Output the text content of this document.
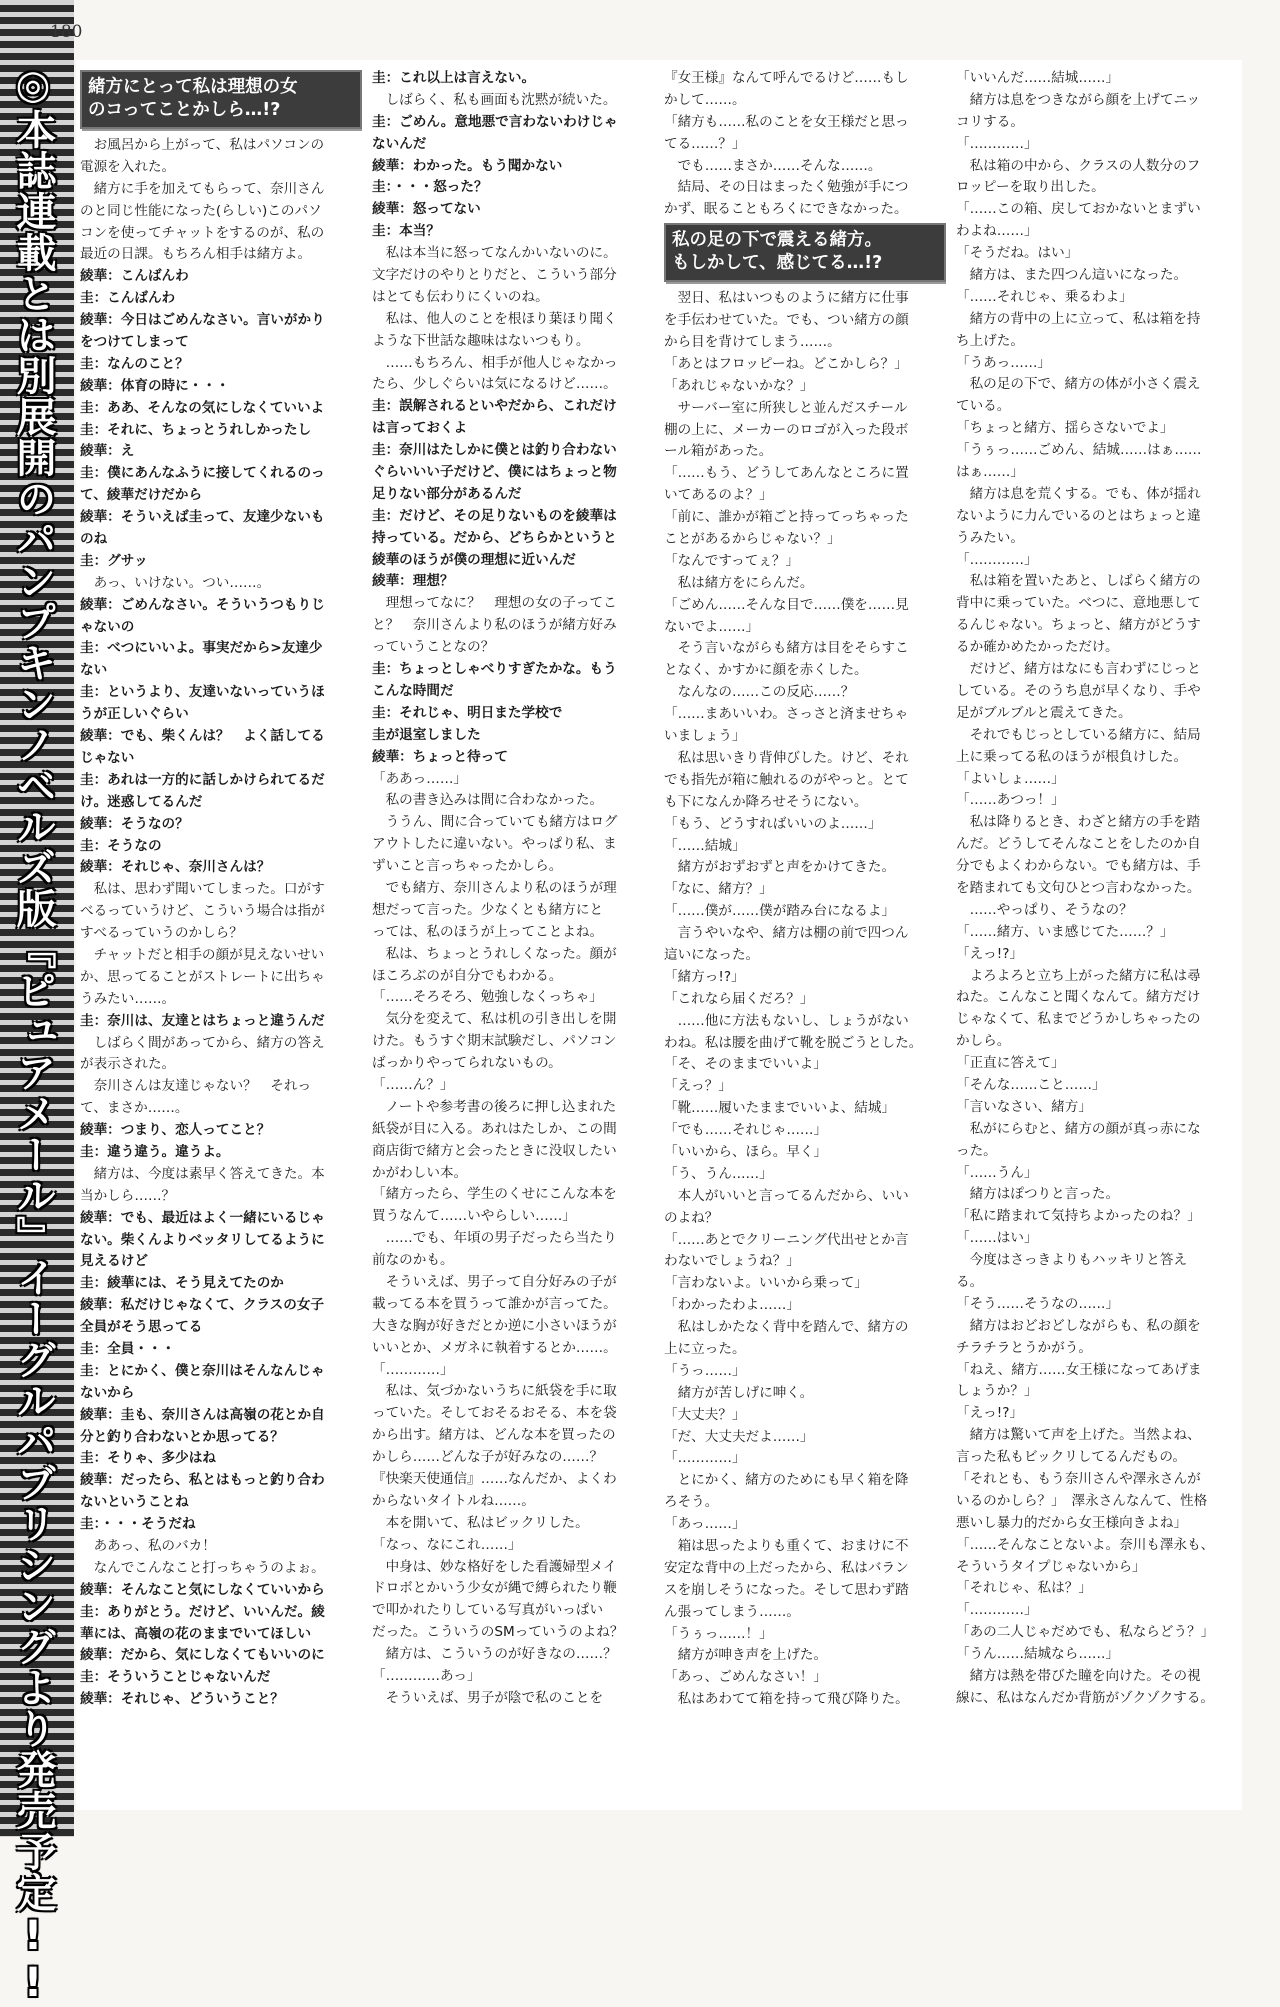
180
◎本誌連載とは別展開のパンプキンノベルズ版『ピュアメール』イーグルパブリシングより発売予定!!	緒方にとって私は理想の女
のコってことかしら…!?
　お風呂から上がって、私はパソコンの
電源を入れた。
　緒方に手を加えてもらって、奈川さん
のと同じ性能になった(らしい)このパソ
コンを使ってチャットをするのが、私の
最近の日課。もちろん相手は緒方よ。
綾華：こんばんわ
圭：こんばんわ
綾華：今日はごめんなさい。言いがかり
をつけてしまって
圭：なんのこと？
綾華：体育の時に・・・
圭：ああ、そんなの気にしなくていいよ
圭：それに、ちょっとうれしかったし
綾華：え
圭：僕にあんなふうに接してくれるのっ
て、綾華だけだから
綾華：そういえば圭って、友達少ないも
のね
圭：グサッ
　あっ、いけない。つい……。
綾華：ごめんなさい。そういうつもりじ
ゃないの
圭：べつにいいよ。事実だから>友達少
ない
圭：というより、友達いないっていうほ
うが正しいぐらい
綾華：でも、柴くんは？　よく話してる
じゃない
圭：あれは一方的に話しかけられてるだ
け。迷惑してるんだ
綾華：そうなの？
圭：そうなの
綾華：それじゃ、奈川さんは？
　私は、思わず聞いてしまった。口がす
べるっていうけど、こういう場合は指が
すべるっていうのかしら？
　チャットだと相手の顔が見えないせい
か、思ってることがストレートに出ちゃ
うみたい……。
圭：奈川は、友達とはちょっと違うんだ
　しばらく間があってから、緒方の答え
が表示された。
　奈川さんは友達じゃない？　それっ
て、まさか……。
綾華：つまり、恋人ってこと？
圭：違う違う。違うよ。
　緒方は、今度は素早く答えてきた。本
当かしら……？
綾華：でも、最近はよく一緒にいるじゃ
ない。柴くんよりベッタリしてるように
見えるけど
圭：綾華には、そう見えてたのか
綾華：私だけじゃなくて、クラスの女子
全員がそう思ってる
圭：全員・・・
圭：とにかく、僕と奈川はそんなんじゃ
ないから
綾華：圭も、奈川さんは高嶺の花とか自
分と釣り合わないとか思ってる？
圭：そりゃ、多少はね
綾華：だったら、私とはもっと釣り合わ
ないということね
圭：・・・そうだね
　ああっ、私のバカ！
　なんでこんなこと打っちゃうのよぉ。
綾華：そんなこと気にしなくていいから
圭：ありがとう。だけど、いいんだ。綾
華には、高嶺の花のままでいてほしい
綾華：だから、気にしなくてもいいのに
圭：そういうことじゃないんだ
綾華：それじゃ、どういうこと？
圭：これ以上は言えない。
　しばらく、私も画面も沈黙が続いた。
圭：ごめん。意地悪で言わないわけじゃ
ないんだ
綾華：わかった。もう聞かない
圭：・・・怒った？
綾華：怒ってない
圭：本当？
　私は本当に怒ってなんかいないのに。
文字だけのやりとりだと、こういう部分
はとても伝わりにくいのね。
　私は、他人のことを根ほり葉ほり聞く
ような下世話な趣味はないつもり。
　……もちろん、相手が他人じゃなかっ
たら、少しぐらいは気になるけど……。
圭：誤解されるといやだから、これだけ
は言っておくよ
圭：奈川はたしかに僕とは釣り合わない
ぐらいいい子だけど、僕にはちょっと物
足りない部分があるんだ
圭：だけど、その足りないものを綾華は
持っている。だから、どちらかというと
綾華のほうが僕の理想に近いんだ
綾華：理想？
　理想ってなに？　理想の女の子ってこ
と？　奈川さんより私のほうが緒方好み
っていうことなの？
圭：ちょっとしゃべりすぎたかな。もう
こんな時間だ
圭：それじゃ、明日また学校で
圭が退室しました
綾華：ちょっと待って
「ああっ……」
　私の書き込みは間に合わなかった。
　ううん、間に合っていても緒方はログ
アウトしたに違いない。やっぱり私、ま
ずいこと言っちゃったかしら。
　でも緒方、奈川さんより私のほうが理
想だって言った。少なくとも緒方にと
っては、私のほうが上ってことよね。
　私は、ちょっとうれしくなった。顔が
ほころぶのが自分でもわかる。
「……そろそろ、勉強しなくっちゃ」
　気分を変えて、私は机の引き出しを開
けた。もうすぐ期末試験だし、パソコン
ばっかりやってられないもの。
「……ん？」
　ノートや参考書の後ろに押し込まれた
紙袋が目に入る。あれはたしか、この間
商店街で緒方と会ったときに没収したい
かがわしい本。
「緒方ったら、学生のくせにこんな本を
買うなんて……いやらしい……」
　……でも、年頃の男子だったら当たり
前なのかも。
　そういえば、男子って自分好みの子が
載ってる本を買うって誰かが言ってた。
大きな胸が好きだとか逆に小さいほうが
いいとか、メガネに執着するとか……。
「…………」
　私は、気づかないうちに紙袋を手に取
っていた。そしておそるおそる、本を袋
から出す。緒方は、どんな本を買ったの
かしら……どんな子が好みなの……？
『快楽天使通信』……なんだか、よくわ
からないタイトルね……。
　本を開いて、私はビックリした。
「なっ、なにこれ……」
　中身は、妙な格好をした看護婦型メイ
ドロボとかいう少女が縄で縛られたり鞭
で叩かれたりしている写真がいっぱい
だった。こういうのSMっていうのよね？
　緒方は、こういうのが好きなの……？
「…………あっ」
　そういえば、男子が陰で私のことを
『女王様』なんて呼んでるけど……もし
かして……。
「緒方も……私のことを女王様だと思っ
てる……？」
　でも……まさか……そんな……。
　結局、その日はまったく勉強が手につ
かず、眠ることもろくにできなかった。
私の足の下で震える緒方。
もしかして、感じてる…!?
　翌日、私はいつものように緒方に仕事
を手伝わせていた。でも、つい緒方の顔
から目を背けてしまう……。
「あとはフロッピーね。どこかしら？」
「あれじゃないかな？」
　サーバー室に所狭しと並んだスチール
棚の上に、メーカーのロゴが入った段ボ
ール箱があった。
「……もう、どうしてあんなところに置
いてあるのよ？」
「前に、誰かが箱ごと持ってっちゃった
ことがあるからじゃない？」
「なんですってぇ？」
　私は緒方をにらんだ。
「ごめん……そんな目で……僕を……見
ないでよ……」
　そう言いながらも緒方は目をそらすこ
となく、かすかに顔を赤くした。
　なんなの……この反応……？
「……まあいいわ。さっさと済ませちゃ
いましょう」
　私は思いきり背伸びした。けど、それ
でも指先が箱に触れるのがやっと。とて
も下になんか降ろせそうにない。
「もう、どうすればいいのよ……」
「……結城」
　緒方がおずおずと声をかけてきた。
「なに、緒方？」
「……僕が……僕が踏み台になるよ」
　言うやいなや、緒方は棚の前で四つん
這いになった。
「緒方っ!?」
「これなら届くだろ？」
　……他に方法もないし、しょうがない
わね。私は腰を曲げて靴を脱ごうとした。
「そ、そのままでいいよ」
「えっ？」
「靴……履いたままでいいよ、結城」
「でも……それじゃ……」
「いいから、ほら。早く」
「う、うん……」
　本人がいいと言ってるんだから、いい
のよね？
「……あとでクリーニング代出せとか言
わないでしょうね？」
「言わないよ。いいから乗って」
「わかったわよ……」
　私はしかたなく背中を踏んで、緒方の
上に立った。
「うっ……」
　緒方が苦しげに呻く。
「大丈夫？」
「だ、大丈夫だよ……」
「…………」
　とにかく、緒方のためにも早く箱を降
ろそう。
「あっ……」
　箱は思ったよりも重くて、おまけに不
安定な背中の上だったから、私はバラン
スを崩しそうになった。そして思わず踏
ん張ってしまう……。
「うぅっ……！」
　緒方が呻き声を上げた。
「あっ、ごめんなさい！」
　私はあわてて箱を持って飛び降りた。
「いいんだ……結城……」
　緒方は息をつきながら顔を上げてニッ
コリする。
「…………」
　私は箱の中から、クラスの人数分のフ
ロッピーを取り出した。
「……この箱、戻しておかないとまずい
わよね……」
「そうだね。はい」
　緒方は、また四つん這いになった。
「……それじゃ、乗るわよ」
　緒方の背中の上に立って、私は箱を持
ち上げた。
「うあっ……」
　私の足の下で、緒方の体が小さく震え
ている。
「ちょっと緒方、揺らさないでよ」
「うぅっ……ごめん、結城……はぁ……
はぁ……」
　緒方は息を荒くする。でも、体が揺れ
ないように力んでいるのとはちょっと違
うみたい。
「…………」
　私は箱を置いたあと、しばらく緒方の
背中に乗っていた。べつに、意地悪して
るんじゃない。ちょっと、緒方がどうす
るか確かめたかっただけ。
　だけど、緒方はなにも言わずにじっと
している。そのうち息が早くなり、手や
足がブルブルと震えてきた。
　それでもじっとしている緒方に、結局
上に乗ってる私のほうが根負けした。
「よいしょ……」
「……あつっ！」
　私は降りるとき、わざと緒方の手を踏
んだ。どうしてそんなことをしたのか自
分でもよくわからない。でも緒方は、手
を踏まれても文句ひとつ言わなかった。
　……やっぱり、そうなの？
「……緒方、いま感じてた……？」
「えっ!?」
　よろよろと立ち上がった緒方に私は尋
ねた。こんなこと聞くなんて。緒方だけ
じゃなくて、私までどうかしちゃったの
かしら。
「正直に答えて」
「そんな……こと……」
「言いなさい、緒方」
　私がにらむと、緒方の顔が真っ赤にな
った。
「……うん」
　緒方はぽつりと言った。
「私に踏まれて気持ちよかったのね？」
「……はい」
　今度はさっきよりもハッキリと答え
る。
「そう……そうなの……」
　緒方はおどおどしながらも、私の顔を
チラチラとうかがう。
「ねえ、緒方……女王様になってあげま
しょうか？」
「えっ!?」
　緒方は驚いて声を上げた。当然よね、
言った私もビックリしてるんだもの。
「それとも、もう奈川さんや澤永さんが
いるのかしら？」　澤永さんなんて、性格
悪いし暴力的だから女王様向きよね」
「……そんなことないよ。奈川も澤永も、
そういうタイプじゃないから」
「それじゃ、私は？」
「…………」
「あの二人じゃだめでも、私ならどう？」
「うん……結城なら……」
　緒方は熱を帯びた瞳を向けた。その視
線に、私はなんだか背筋がゾクゾクする。
